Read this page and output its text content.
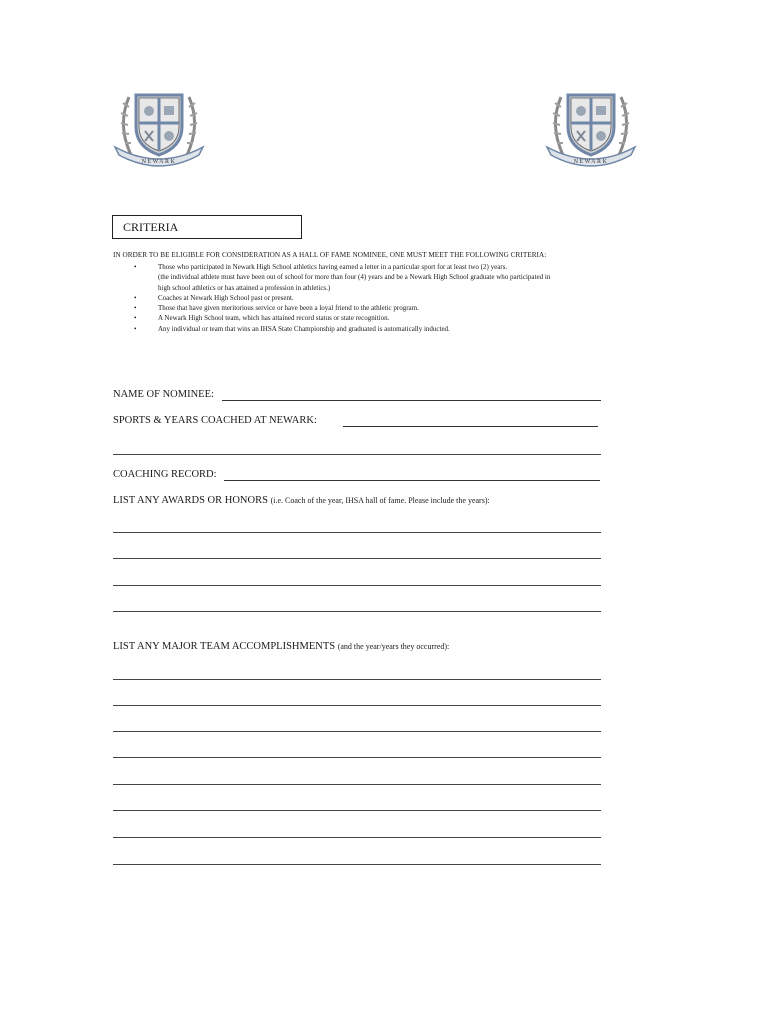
NEWARK	NEWARK
CRITERIA
IN ORDER TO BE ELIGIBLE FOR CONSIDERATION AS A HALL OF FAME NOMINEE, ONE MUST MEET THE FOLLOWING CRITERIA:
•	Those who participated in Newark High School athletics having earned a letter in a particular sport for at least two (2) years.
(the individual athlete must have been out of school for more than four (4) years and be a Newark High School graduate who participated in
high school athletics or has attained a profession in athletics.)
•	Coaches at Newark High School past or present.
•	Those that have given meritorious service or have been a loyal friend to the athletic program.
•	A Newark High School team, which has attained record status or state recognition.
•	Any individual or team that wins an IHSA State Championship and graduated is automatically inducted.
NAME OF NOMINEE:
SPORTS & YEARS COACHED AT NEWARK:
COACHING RECORD:
LIST ANY AWARDS OR HONORS (i.e. Coach of the year, IHSA hall of fame. Please include the years):
LIST ANY MAJOR TEAM ACCOMPLISHMENTS (and the year/years they occurred):
